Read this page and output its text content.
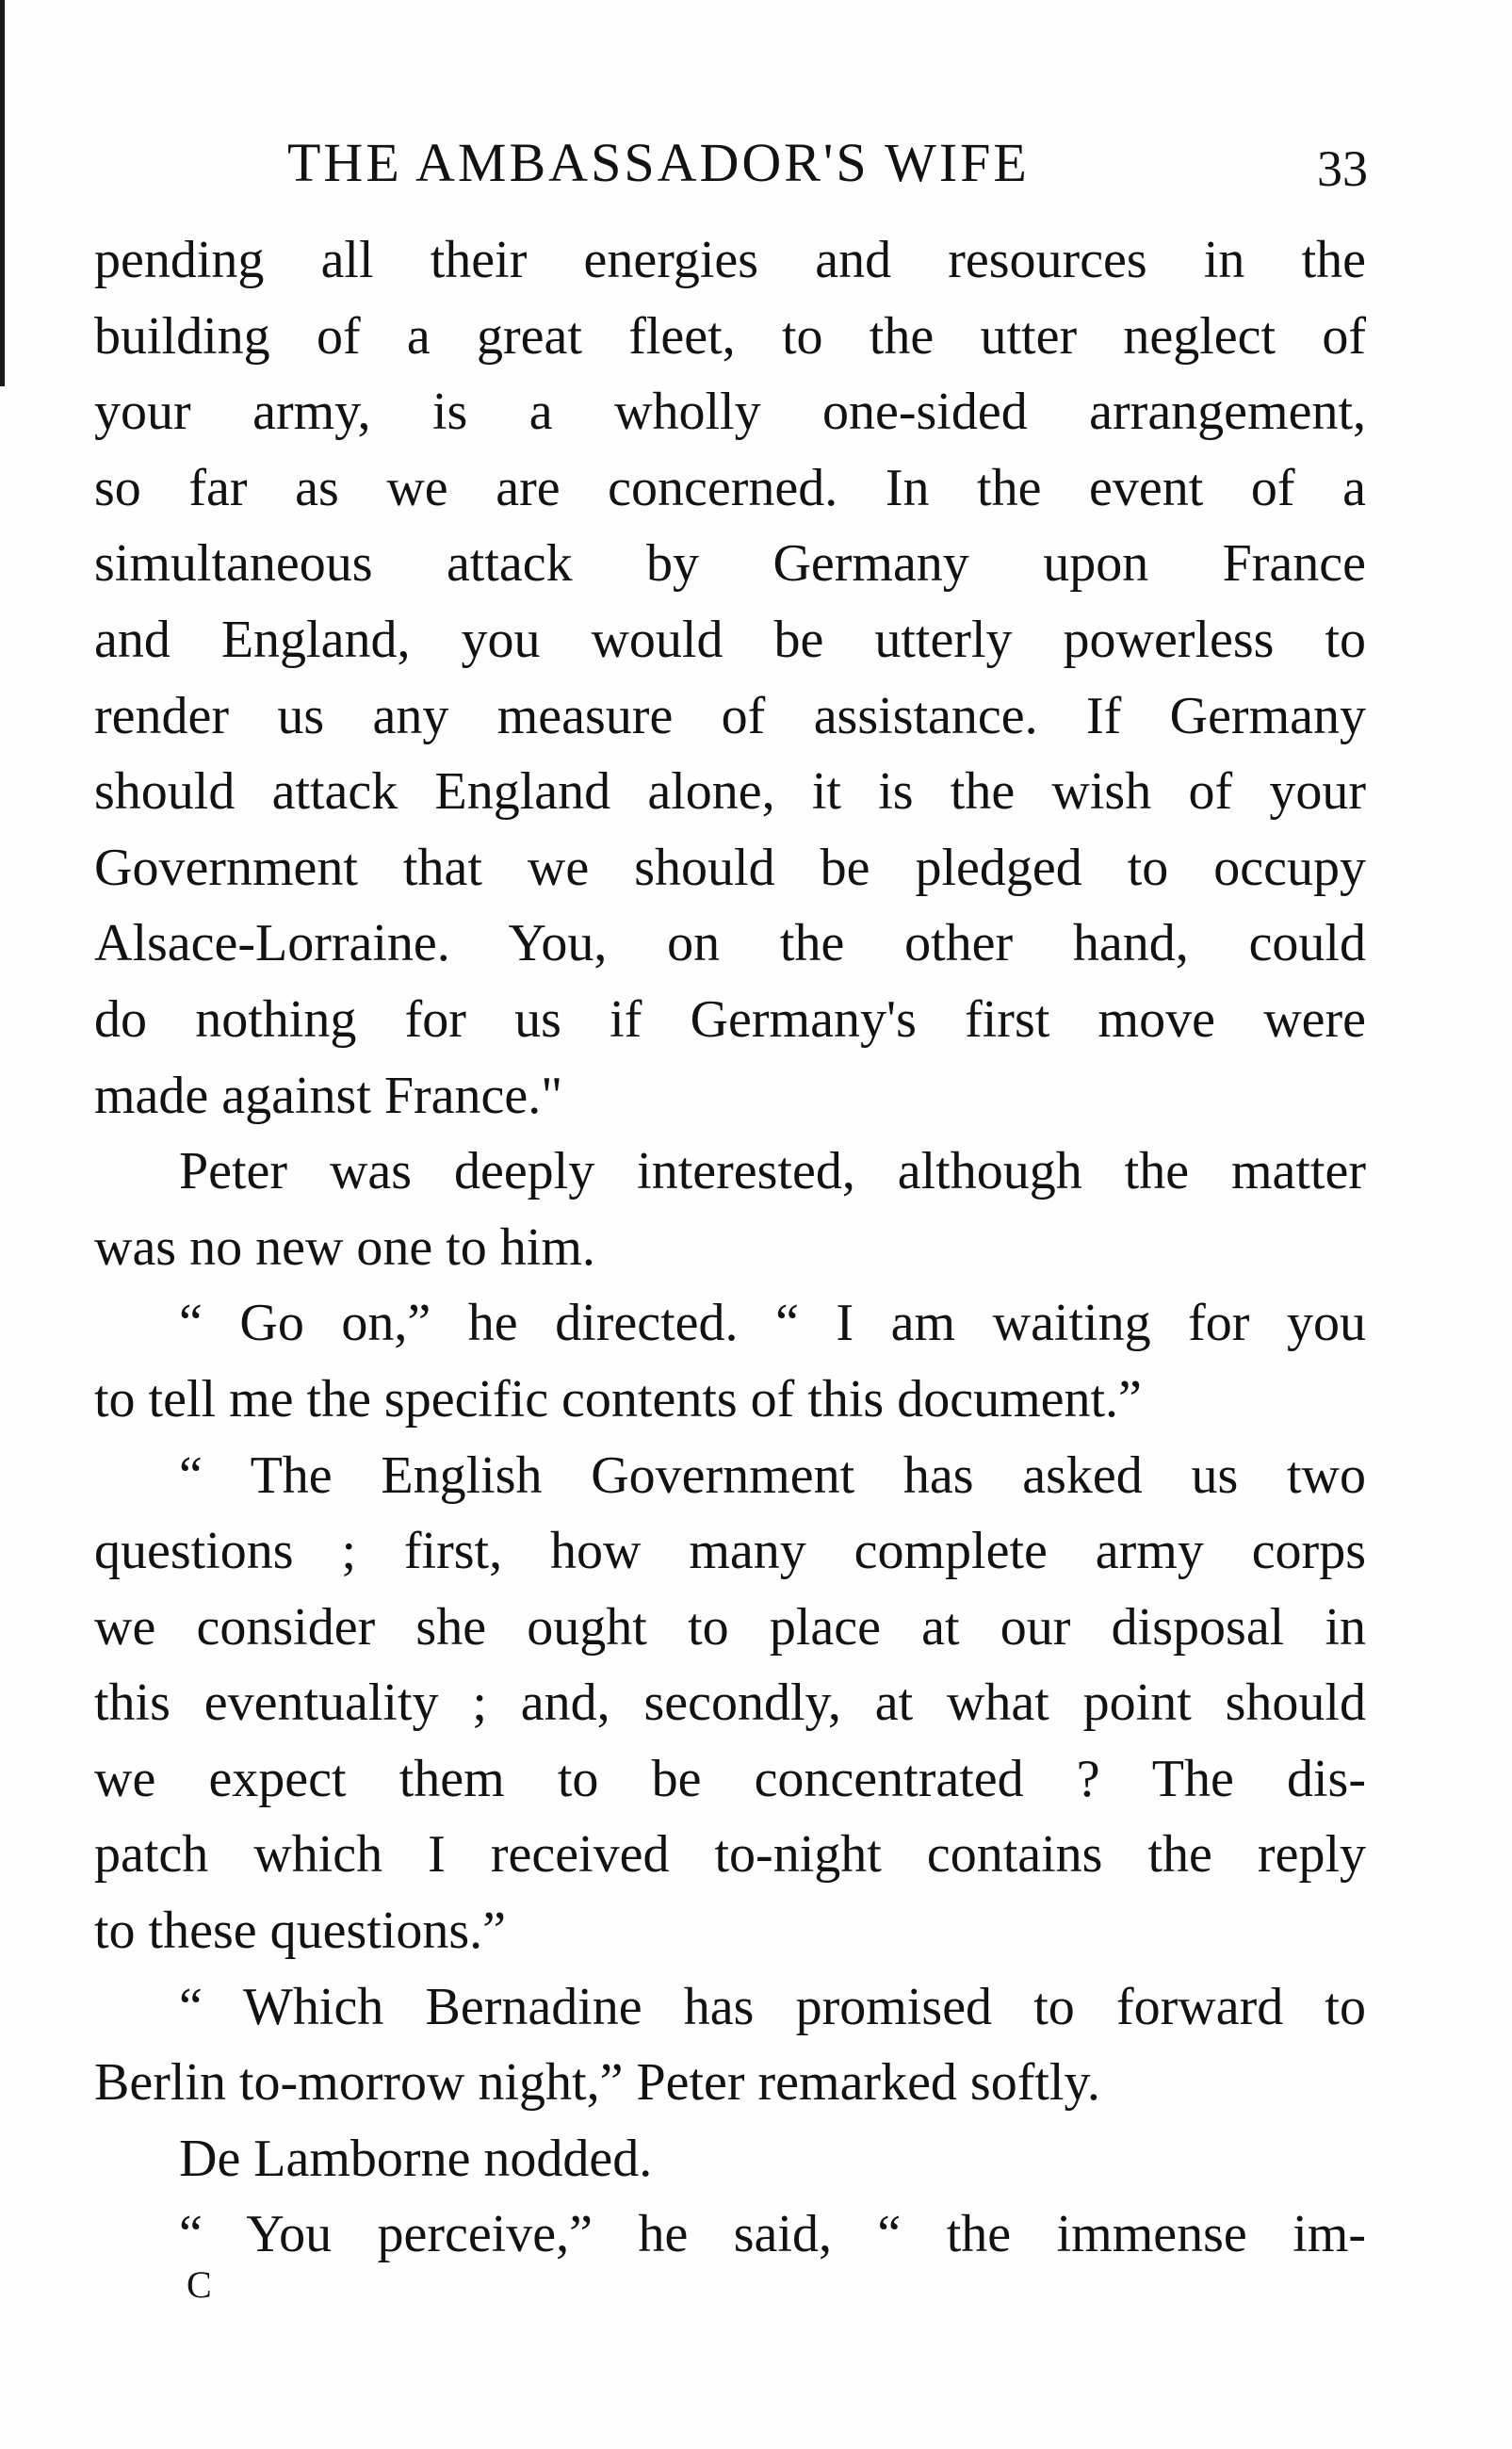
THE AMBASSADOR'S WIFE	33
pending all their energies and resources in the
building of a great fleet, to the utter neglect of
your army, is a wholly one-sided arrangement,
so far as we are concerned. In the event of a
simultaneous attack by Germany upon France
and England, you would be utterly powerless to
render us any measure of assistance. If Germany
should attack England alone, it is the wish of your
Government that we should be pledged to occupy
Alsace-Lorraine. You, on the other hand, could
do nothing for us if Germany's first move were
made against France."
Peter was deeply interested, although the matter
was no new one to him.
“ Go on,” he directed. “ I am waiting for you
to tell me the specific contents of this document.”
“ The English Government has asked us two
questions ; first, how many complete army corps
we consider she ought to place at our disposal in
this eventuality ; and, secondly, at what point should
we expect them to be concentrated ? The dis-
patch which I received to-night contains the reply
to these questions.”
“ Which Bernadine has promised to forward to
Berlin to-morrow night,” Peter remarked softly.
De Lamborne nodded.
“ You perceive,” he said, “ the immense im-
C
